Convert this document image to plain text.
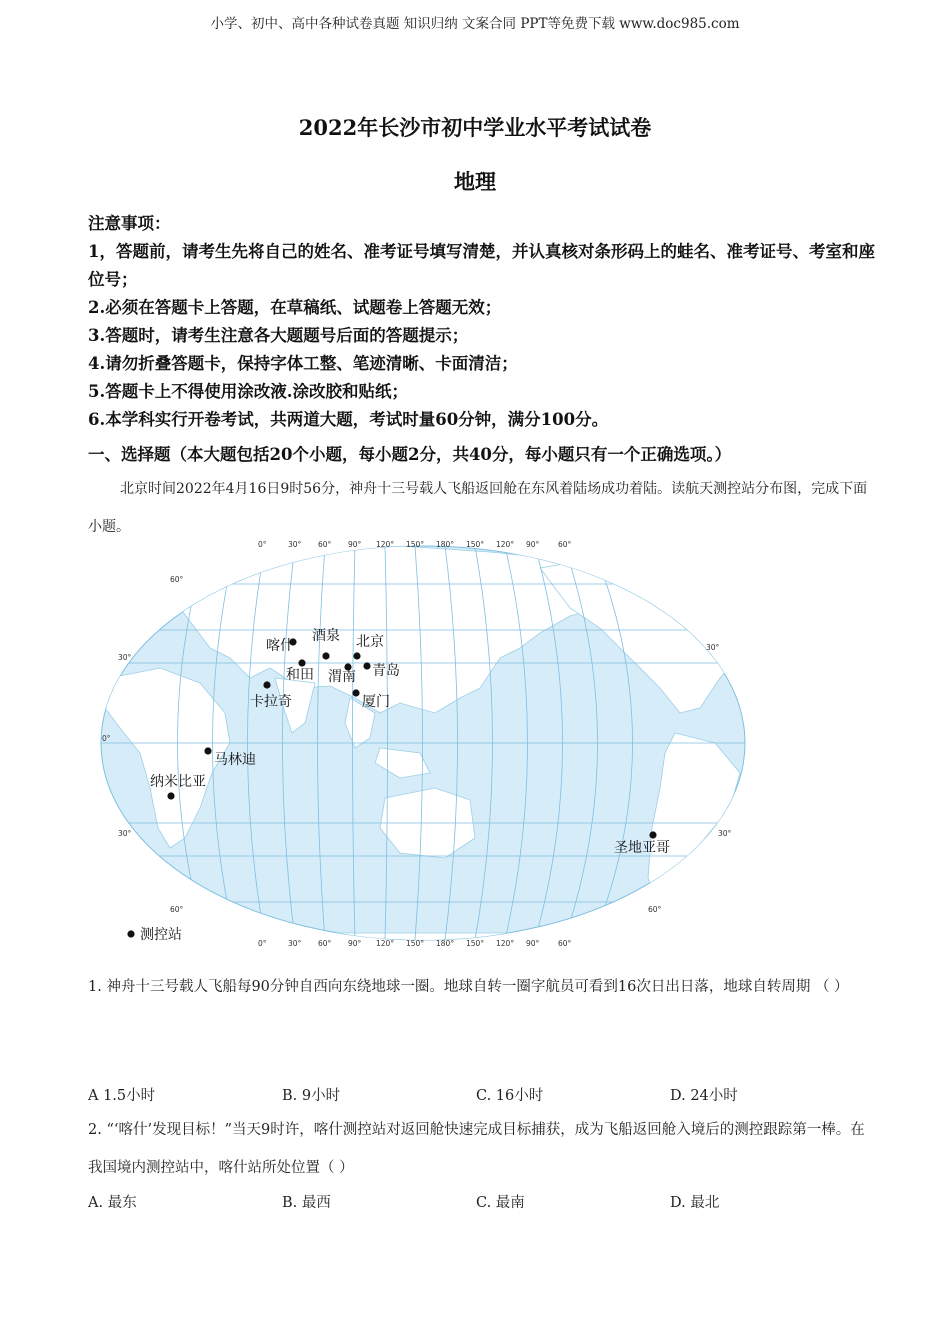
小学、初中、高中各种试卷真题 知识归纳 文案合同 PPT等免费下载 www.doc985.com
2022年长沙市初中学业水平考试试卷
地理
注意事项：
1，答题前，请考生先将自己的姓名、准考证号填写清楚，并认真核对条形码上的蛙名、准考证号、考室和座位号；
2.必须在答题卡上答题，在草稿纸、试题卷上答题无效；
3.答题时，请考生注意各大题题号后面的答题提示；
4.请勿折叠答题卡，保持字体工整、笔迹清晰、卡面清洁；
5.答题卡上不得使用涂改液.涂改胶和贴纸；
6.本学科实行开卷考试，共两道大题，考试时量60分钟，满分100分。
一、选择题（本大题包括20个小题，每小题2分，共40分，每小题只有一个正确选项。）
北京时间2022年4月16日9时56分，神舟十三号载人飞船返回舱在东风着陆场成功着陆。读航天测控站分布图，完成下面小题。
0°	30° 60° 90° 120° 150° 180° 150° 120° 90° 60°
0°	30° 60° 90° 120° 150° 180° 150° 120° 90° 60°
60°
30°
0°
30°
60°
30°
30°
60°
喀什
酒泉 北京
和田 渭南 青岛
卡拉奇	厦门
马林迪
纳米比亚
圣地亚哥
测控站
1. 神舟十三号载人飞船每90分钟自西向东绕地球一圈。地球自转一圈字航员可看到16次日出日落，地球自转周期 （ ）
A 1.5小时	B. 9小时	C. 16小时	D. 24小时
2. “‘喀什’发现目标！”当天9时许，喀什测控站对返回舱快速完成目标捕获，成为飞船返回舱入境后的测控跟踪第一棒。在我国境内测控站中，喀什站所处位置（ ）
A. 最东	B. 最西	C. 最南	D. 最北
